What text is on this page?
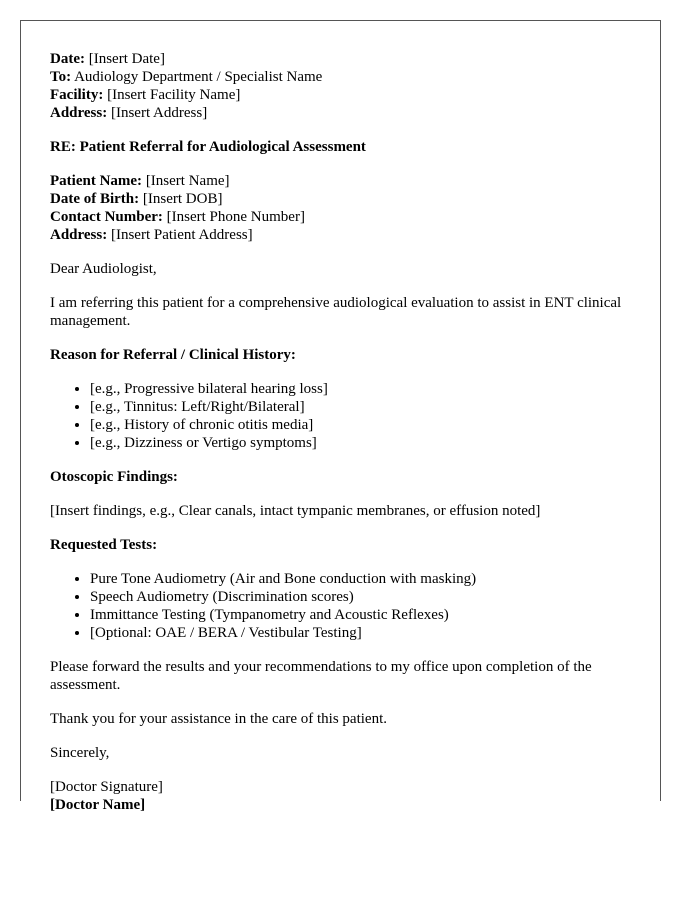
Date: [Insert Date]
To: Audiology Department / Specialist Name
Facility: [Insert Facility Name]
Address: [Insert Address]

RE: Patient Referral for Audiological Assessment

Patient Name: [Insert Name]
Date of Birth: [Insert DOB]
Contact Number: [Insert Phone Number]
Address: [Insert Patient Address]

Dear Audiologist,

I am referring this patient for a comprehensive audiological evaluation to assist in ENT clinical management.

Reason for Referral / Clinical History:

• [e.g., Progressive bilateral hearing loss]
• [e.g., Tinnitus: Left/Right/Bilateral]
• [e.g., History of chronic otitis media]
• [e.g., Dizziness or Vertigo symptoms]

Otoscopic Findings:

[Insert findings, e.g., Clear canals, intact tympanic membranes, or effusion noted]

Requested Tests:

• Pure Tone Audiometry (Air and Bone conduction with masking)
• Speech Audiometry (Discrimination scores)
• Immittance Testing (Tympanometry and Acoustic Reflexes)
• [Optional: OAE / BERA / Vestibular Testing]

Please forward the results and your recommendations to my office upon completion of the assessment.

Thank you for your assistance in the care of this patient.

Sincerely,

[Doctor Signature]
[Doctor Name]
